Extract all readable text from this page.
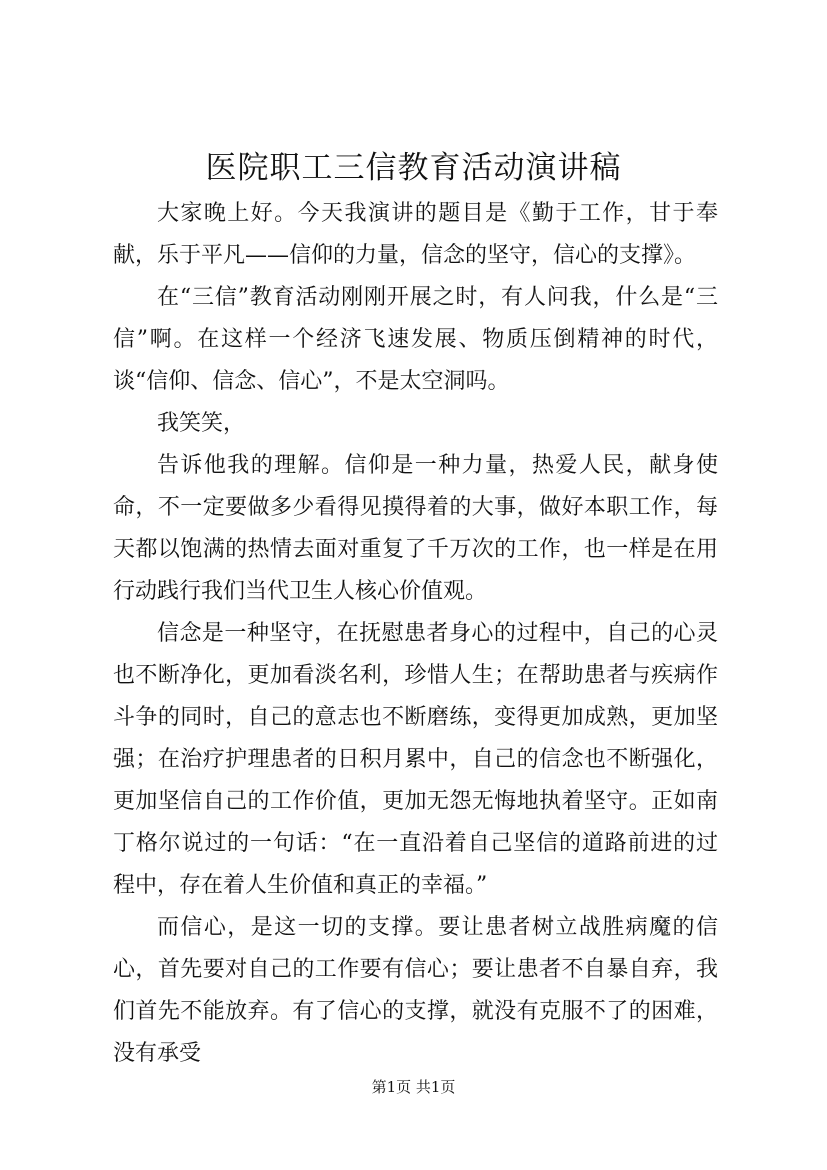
医院职工三信教育活动演讲稿

大家晚上好。今天我演讲的题目是《勤于工作，甘于奉献，乐于平凡——信仰的力量，信念的坚守，信心的支撑》。

在“三信”教育活动刚刚开展之时，有人问我，什么是“三信”啊。在这样一个经济飞速发展、物质压倒精神的时代，谈“信仰、信念、信心”，不是太空洞吗。

我笑笑，

告诉他我的理解。信仰是一种力量，热爱人民，献身使命，不一定要做多少看得见摸得着的大事，做好本职工作，每天都以饱满的热情去面对重复了千万次的工作，也一样是在用行动践行我们当代卫生人核心价值观。

信念是一种坚守，在抚慰患者身心的过程中，自己的心灵也不断净化，更加看淡名利，珍惜人生；在帮助患者与疾病作斗争的同时，自己的意志也不断磨练，变得更加成熟，更加坚强；在治疗护理患者的日积月累中，自己的信念也不断强化，更加坚信自己的工作价值，更加无怨无悔地执着坚守。正如南丁格尔说过的一句话：“在一直沿着自己坚信的道路前进的过程中，存在着人生价值和真正的幸福。”

而信心，是这一切的支撑。要让患者树立战胜病魔的信心，首先要对自己的工作要有信心；要让患者不自暴自弃，我们首先不能放弃。有了信心的支撑，就没有克服不了的困难，没有承受

第1页 共1页
